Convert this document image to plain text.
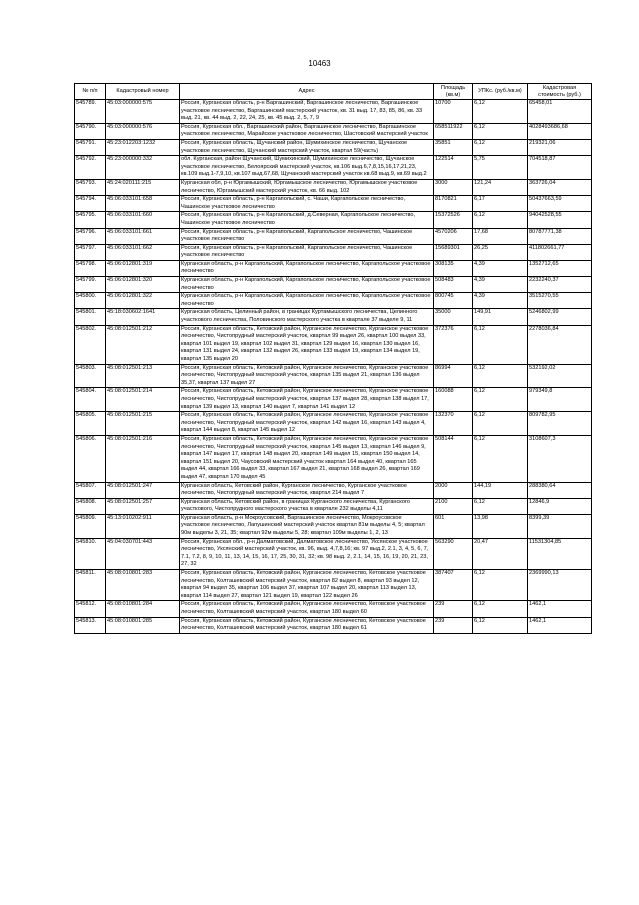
10463
№ п/п	Кадастровый номер	Адрес	Площадь (кв.м)	УПКс. (руб./кв.м)	Кадастровая стоимость (руб.)
545789.	45:03:000000:575	Россия, Курганская область, р-н Варгашинский, Варгашинское лесничество, Варгашинское участковое лесничество, Варгашинский мастерский участок, кв. 31 выд. 17, 83, 85, 86, кв. 33 выд. 21, кв. 44 выд. 2, 22, 24, 25, кв. 45 выд. 2, 5, 7, 9	10700	6,12	65458,01
545790.	45:03:000000:576	Россия, Курганская обл., Варгашинский район, Варгашинское лесничество, Варгашинское участковое лесничество, Марайское участковое лесничество, Шастовский мастерский участок	658511922	6,12	4028493686,68
545791.	45:23:012203:1232	Россия, Курганская область, Щучанский район, Шумихинское лесничество, Щучанское участковое лесничество, Щучанский мастерский участок, квартал 59(часть)	35851	6,12	219321,06
545792.	45:23:000000:332	обл. Курганская, район Щучанский, Шумихинский, Шумихинское лесничество, Щучанское участковое лесничество, Белоярский мастерский участок, кв.106 выд.6,7,8,15,16,17,21,23, кв.109 выд.1-7,9,10, кв.107 выд.67,68, Щучанский мастерский участок кв.68 выд.9, кв.69 выд.2	122514	5,75	704518,87
545793.	45:24:020111:215	Курганская обл, р-н Юргамышский, Юргамышское лесничество, Юргамышское участковое лесничество, Юргамышский мастерский участок, кв. 66 выд. 102	3000	121,24	363726,04
545794.	45:06:033101:658	Россия, Курганская область, р-н Каргапольский, с. Чаши, Каргапольское лесничество, Чашинское участковое лесничество	8170821	6,17	50437663,59
545795.	45:06:033101:660	Россия, Курганская область, р-н Каргапольский, д.Северная, Каргапольское лесничество, Чашинское участковое лесничество	15372526	6,12	94042528,55
545796.	45:06:033101:661	Россия, Курганская область, р-н Каргапольский, Каргапольское лесничество, Чашинское участковое лесничество	4570206	17,68	80787771,38
545797.	45:06:033101:662	Россия, Курганская область, р-н Каргапольский, Каргапольское лесничество, Чашинское участковое лесничество	15689301	26,25	411802661,77
545798.	45:06:012801:319	Курганская область, р-н Каргапольский, Каргапольское лесничество, Каргапольское участковое лесничество	308135	4,39	1352712,65
545799.	45:06:012801:320	Курганская область, р-н Каргапольский, Каргапольское лесничество, Каргапольское участковое лесничество	508483	4,39	2232240,37
545800.	45:06:012801:322	Курганская область, р-н Каргапольский, Каргапольское лесничество, Каргапольское участковое лесничество	800745	4,39	3515270,55
545801.	45:18:030602:1641	Курганская область, Целинный район, в границах Куртамышского лесничества, Целинного участкового лесничества, Половинского мастерского участка в квартале 37 выделе 9, 11	35000	149,91	5246802,99
545802.	45:08:012501:212	Россия, Курганская область, Кетовский район, Курганское лесничество, Курганское участковое лесничество, Чистопрудный мастерский участок, квартал 99 выдел 26, квартал 100 выдел 33, квартал 101 выдел 19, квартал 102 выдел 31, квартал 129 выдел 16, квартал 130 выдел 16, квартал 131 выдел 24, квартал 132 выдел 26, квартал 133 выдел 19, квартал 134 выдел 19, квартал 135 выдел 20	372376	6,12	2278036,84
545803.	45:08:012501:213	Россия, Курганская область, Кетовский район, Курганское лесничество, Курганское участковое лесничество, Чистопрудный мастерский участок, квартал 135 выдел 21, квартал 136 выдел 35,37, квартал 137 выдел 27	86994	6,12	532192,02
545804.	45:08:012501:214	Россия, Курганская область, Кетовский район, Курганское лесничество, Курганское участковое лесничество, Чистопрудный мастерский участок, квартал 137 выдел 28, квартал 138 выдел 17, квартал 139 выдел 13, квартал 140 выдел 7, квартал 141 выдел 12	160088	6,12	979349,8
545805.	45:08:012501:215	Россия, Курганская область, Кетовский район, Курганское лесничество, Курганское участковое лесничество, Чистопрудный мастерский участок, квартал 142 выдел 16, квартал 143 выдел 4, квартал 144 выдел 8, квартал 145 выдел 12	132370	6,12	809782,95
545806.	45:08:012501:216	Россия, Курганская область, Кетовский район, Курганское лесничество, Курганское участковое лесничество, Чистопрудный мастерский участок, квартал 145 выдел 13, квартал 146 выдел 9, квартал 147 выдел 17, квартал 148 выдел 20, квартал 149 выдел 15, квартал 150 выдел 14, квартал 151 выдел 20, Чаусовский мастерский участок квартал 164 выдел 40, квартал 165 выдел 44, квартал 166 выдел 33, квартал 167 выдел 21, квартал 168 выдел 26, квартал 169 выдел 47, квартал 170 выдел 45	508144	6,12	3108607,3
545807.	45:08:012501:247	Курганская область, Кетовский район, Курганское лесничество, Курганское участковое лесничество, Чистопрудный мастерский участок, квартал 214 выдел 7	2000	144,19	288380,64
545808.	45:08:012501:257	Курганская область, Кетовский район, в границах Курганского лесничества, Курганского участкового, Чистопрудного мастерского участка в квартале 232 выделы 4,11	2100	6,12	12846,9
545809.	45:13:010202:911	Курганская область, р-н Мокроусовский, Варгашинское лесничество, Мокроусовское участковое лесничество, Лапушинский мастерский участок квартал 81м выделы 4, 5; квартал 90м выделы 3, 21, 35; квартал 92м выделы 5, 28; квартал 109м выделы 1, 2, 13	601	13,98	8399,39
545810.	45:04:030701:443	Россия, Курганская обл., р-н Далматовский, Далматовское лесничество, Уксянское участковое лесничество, Уксянский мастерский участок, кв. 96, выд. 4,7,8,16; кв. 97 выд.2, 2.1, 3, 4, 5, 6, 7, 7.1, 7.2, 8, 9, 10, 11, 13, 14, 15, 16, 17, 25, 30, 31, 32; кв. 98 выд. 2, 2.1, 14, 15, 16, 19, 20, 21, 23, 27, 32	563290	20,47	11531304,85
545811.	45:08:010801:283	Россия, Курганская область, Кетовский район, Курганское лесничество, Кетовское участковое лесничество, Колташевский мастерский участок, квартал 82 выдел 8, квартал 93 выдел 12, квартал 94 выдел 35, квартал 106 выдел 37, квартал 107 выдел 20, квартал 113 выдел 13, квартал 114 выдел 27, квартал 121 выдел 19, квартал 122 выдел 26	387407	6,12	2369990,13
545812.	45:08:010801:284	Россия, Курганская область, Кетовский район, Курганское лесничество, Кетовское участковое лесничество, Колташевский мастерский участок, квартал 180 выдел 60	239	6,12	1462,1
545813.	45:08:010801:285	Россия, Курганская область, Кетовский район, Курганское лесничество, Кетовское участковое лесничество, Колташевский мастерский участок, квартал 180 выдел 61	239	6,12	1462,1
